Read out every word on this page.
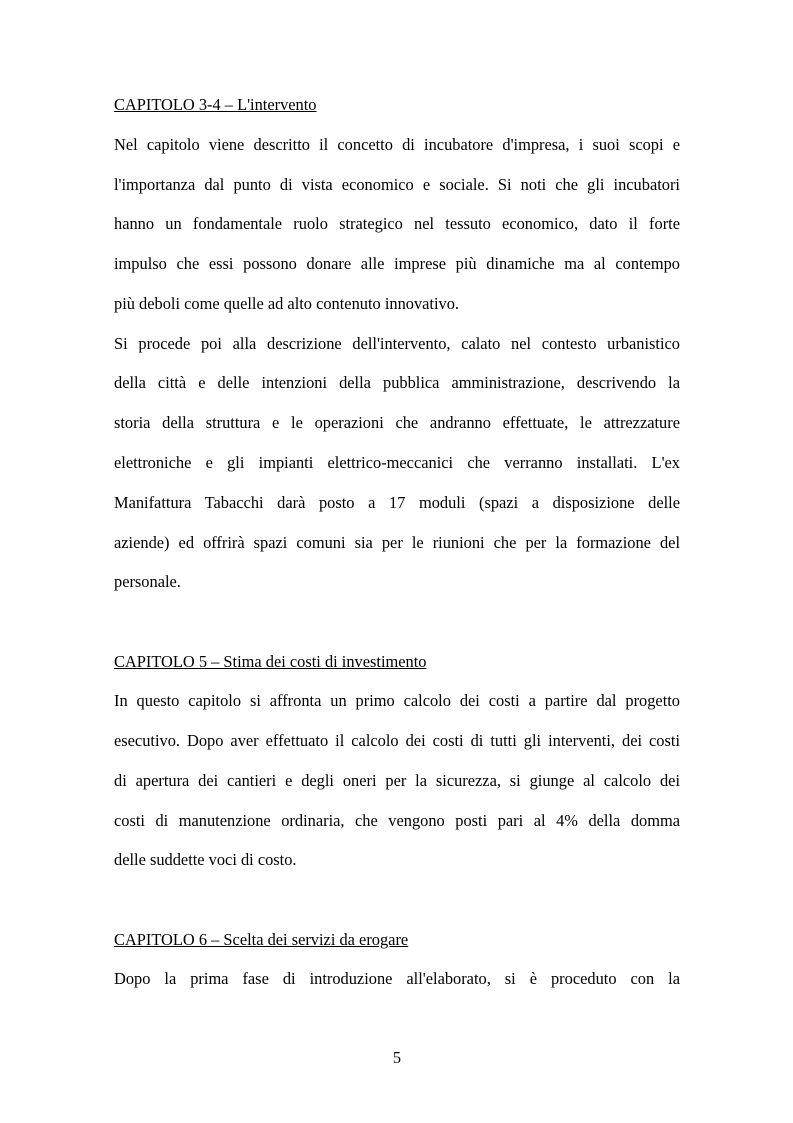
CAPITOLO 3-4 – L'intervento
Nel capitolo viene descritto il concetto di incubatore d'impresa, i suoi scopi e
l'importanza dal punto di vista economico e sociale. Si noti che gli incubatori
hanno un fondamentale ruolo strategico nel tessuto economico, dato il forte
impulso che essi possono donare alle imprese più dinamiche ma al contempo
più deboli come quelle ad alto contenuto innovativo.
Si procede poi alla descrizione dell'intervento, calato nel contesto urbanistico
della città e delle intenzioni della pubblica amministrazione, descrivendo la
storia della struttura e le operazioni che andranno effettuate, le attrezzature
elettroniche e gli impianti elettrico-meccanici che verranno installati. L'ex
Manifattura Tabacchi darà posto a 17 moduli (spazi a disposizione delle
aziende) ed offrirà spazi comuni sia per le riunioni che per la formazione del
personale.
CAPITOLO 5 – Stima dei costi di investimento
In questo capitolo si affronta un primo calcolo dei costi a partire dal progetto
esecutivo. Dopo aver effettuato il calcolo dei costi di tutti gli interventi, dei costi
di apertura dei cantieri e degli oneri per la sicurezza, si giunge al calcolo dei
costi di manutenzione ordinaria, che vengono posti pari al 4% della domma
delle suddette voci di costo.
CAPITOLO 6 – Scelta dei servizi da erogare
Dopo la prima fase di introduzione all'elaborato, si è proceduto con la
5
